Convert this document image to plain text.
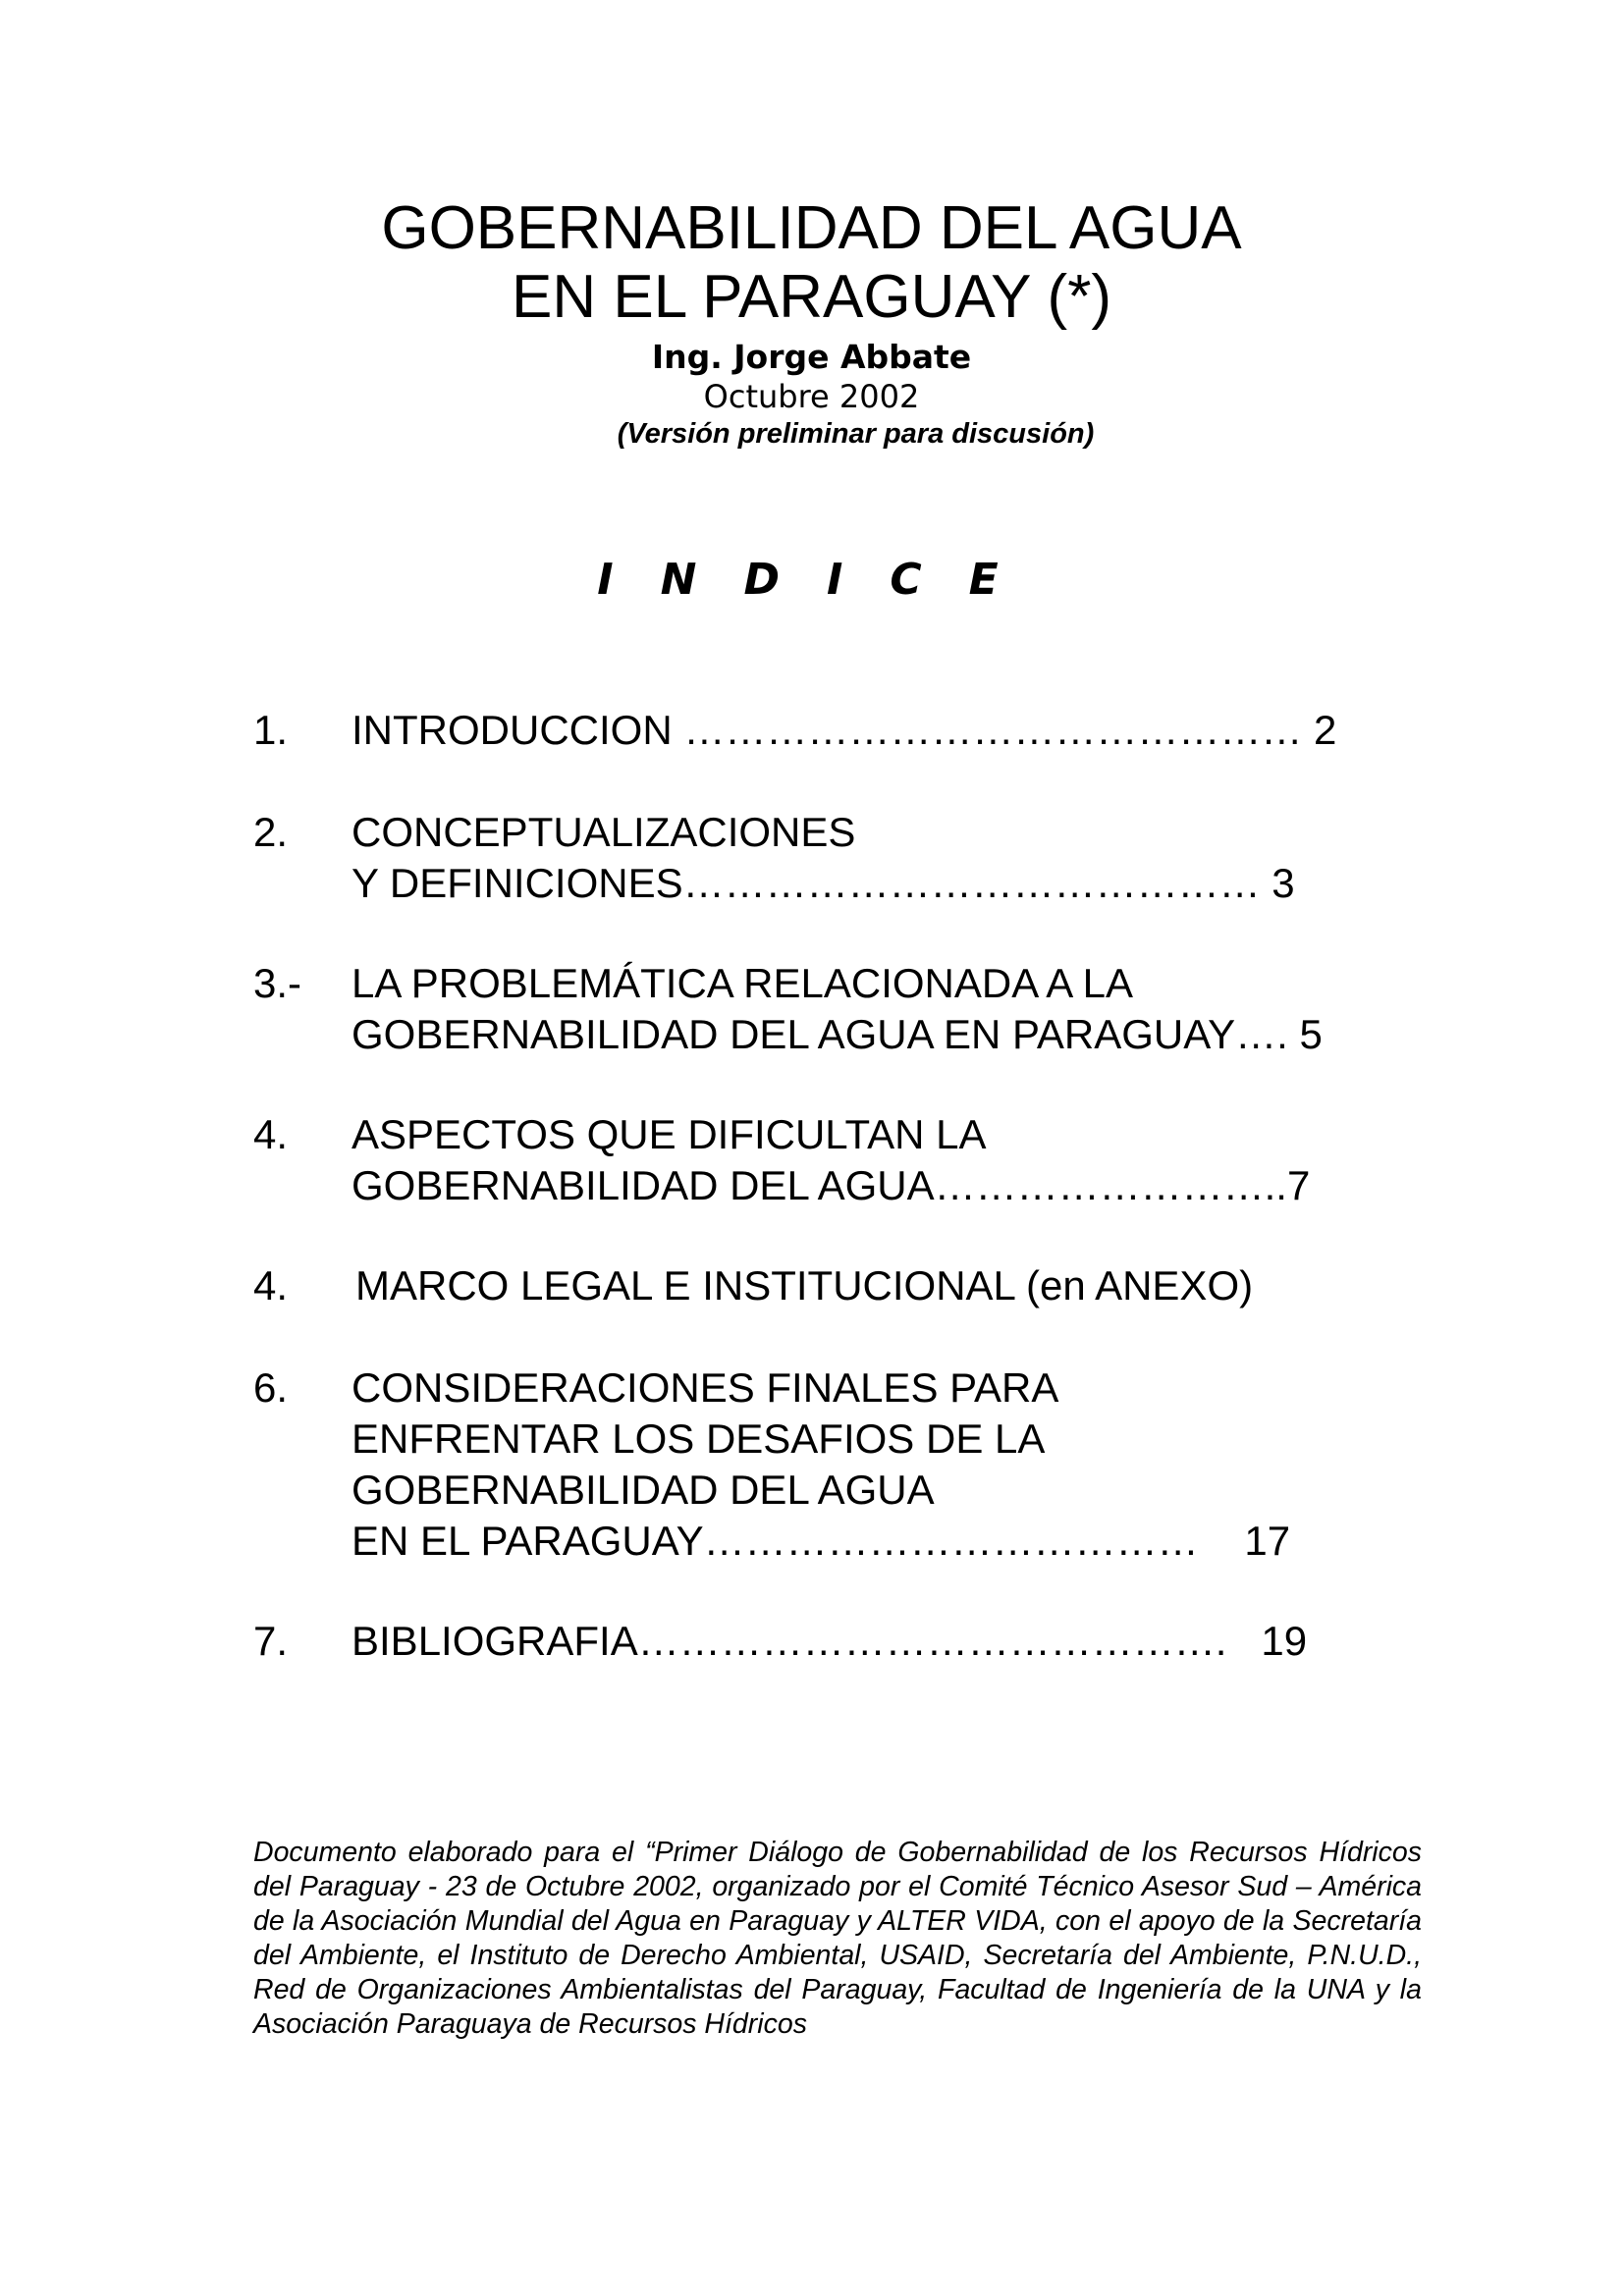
GOBERNABILIDAD DEL AGUA
EN EL PARAGUAY (*)
Ing. Jorge Abbate
Octubre 2002
(Versión preliminar para discusión)
INDICE
1. INTRODUCCION ……………………………………… 2
2. CONCEPTUALIZACIONES
Y DEFINICIONES…………………………………… 3
3.- LA PROBLEMÁTICA RELACIONADA A LA
GOBERNABILIDAD DEL AGUA EN PARAGUAY…. 5
4. ASPECTOS QUE DIFICULTAN LA
GOBERNABILIDAD DEL AGUA……………………..7
4. MARCO LEGAL E INSTITUCIONAL (en ANEXO)
6. CONSIDERACIONES FINALES PARA
ENFRENTAR LOS DESAFIOS DE LA
GOBERNABILIDAD DEL AGUA
EN EL PARAGUAY………………………………    17
7. BIBLIOGRAFIA…………………………………….   19
Documento elaborado para el “Primer Diálogo de Gobernabilidad de los Recursos Hídricos del Paraguay - 23 de Octubre 2002, organizado por el Comité Técnico Asesor Sud – América de la Asociación Mundial del Agua en Paraguay y ALTER VIDA, con el apoyo de la Secretaría del Ambiente, el Instituto de Derecho Ambiental, USAID, Secretaría del Ambiente, P.N.U.D., Red de Organizaciones Ambientalistas del Paraguay, Facultad de Ingeniería de la UNA y la Asociación Paraguaya de Recursos Hídricos
